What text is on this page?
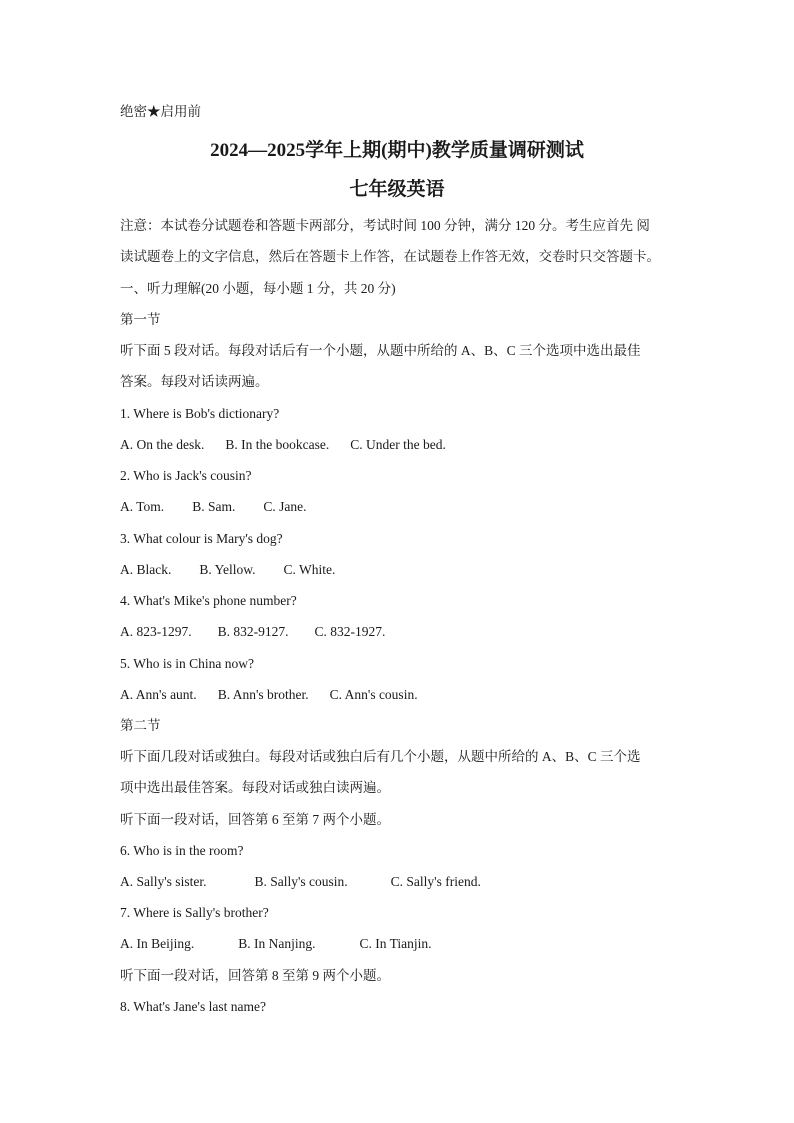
绝密★启用前
2024—2025学年上期(期中)教学质量调研测试
七年级英语
注意：本试卷分试题卷和答题卡两部分，考试时间 100 分钟，满分 120 分。考生应首先 阅
读试题卷上的文字信息，然后在答题卡上作答，在试题卷上作答无效，交卷时只交答题卡。
一、听力理解(20 小题，每小题 1 分，共 20 分)
第一节
听下面 5 段对话。每段对话后有一个小题，从题中所给的 A、B、C 三个选项中选出最佳
答案。每段对话读两遍。
1. Where is Bob's dictionary?
A. On the desk. B. In the bookcase. C. Under the bed.
2. Who is Jack's cousin?
A. Tom. B. Sam. C. Jane.
3. What colour is Mary's dog?
A. Black. B. Yellow. C. White.
4. What's Mike's phone number?
A. 823-1297. B. 832-9127. C. 832-1927.
5. Who is in China now?
A. Ann's aunt. B. Ann's brother. C. Ann's cousin.
第二节
听下面几段对话或独白。每段对话或独白后有几个小题，从题中所给的 A、B、C 三个选
项中选出最佳答案。每段对话或独白读两遍。
听下面一段对话，回答第 6 至第 7 两个小题。
6. Who is in the room?
A. Sally's sister.	B. Sally's cousin.	C. Sally's friend.
7. Where is Sally's brother?
A. In Beijing.	B. In Nanjing.	C. In Tianjin.
听下面一段对话，回答第 8 至第 9 两个小题。
8. What's Jane's last name?
